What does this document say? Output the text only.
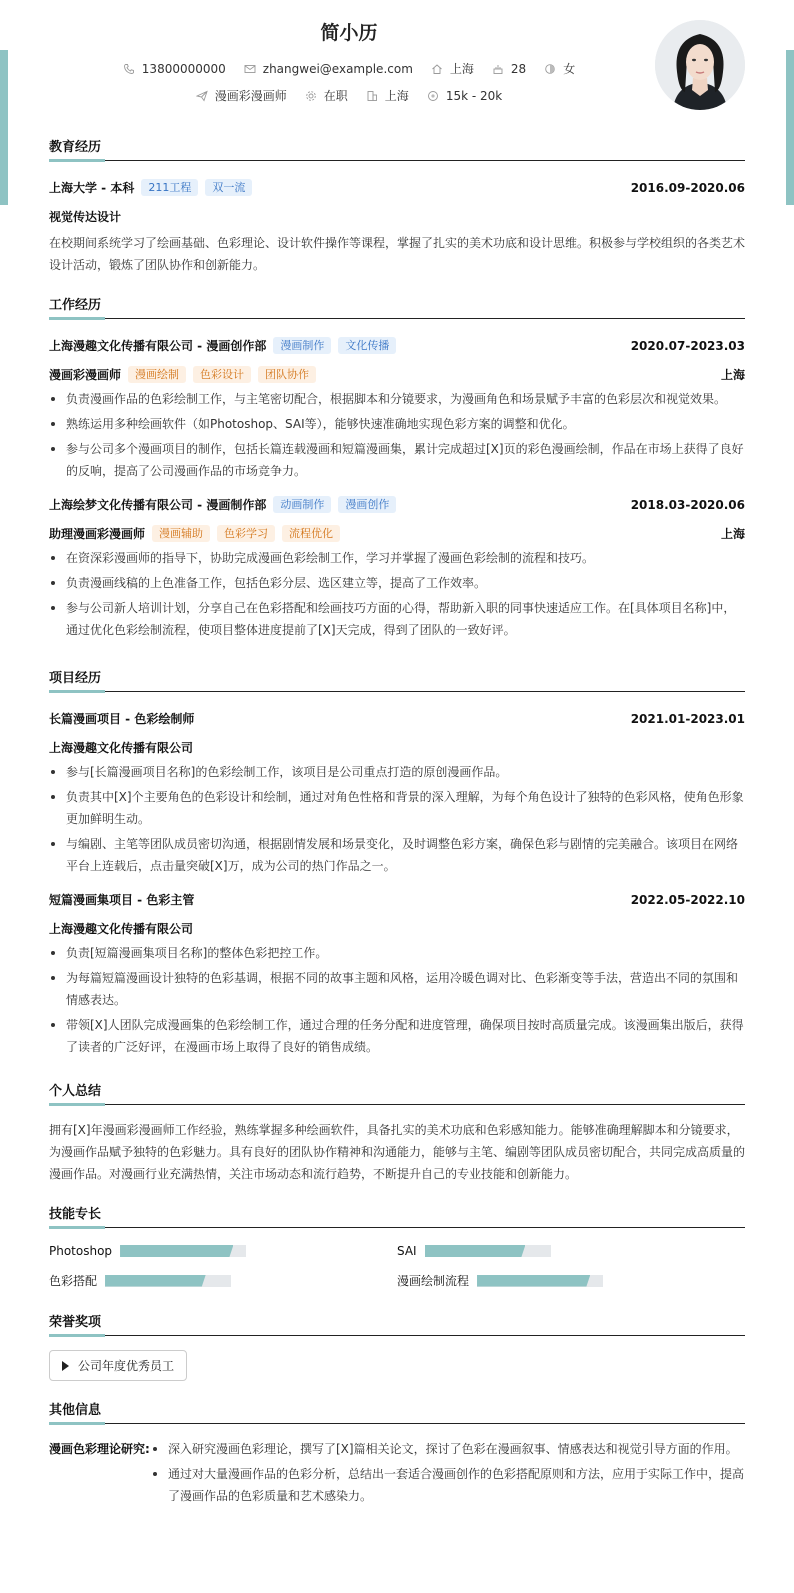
简小历
13800000000	zhangwei@example.com	上海	28	女
漫画彩漫画师	在职	上海	15k - 20k
教育经历
上海大学 - 本科	211工程	双一流	2016.09-2020.06
视觉传达设计
在校期间系统学习了绘画基础、色彩理论、设计软件操作等课程，掌握了扎实的美术功底和设计思维。积极参与学校组织的各类艺术设计活动，锻炼了团队协作和创新能力。
工作经历
上海漫趣文化传播有限公司 - 漫画创作部	漫画制作	文化传播	2020.07-2023.03
漫画彩漫画师	漫画绘制	色彩设计	团队协作	上海
负责漫画作品的色彩绘制工作，与主笔密切配合，根据脚本和分镜要求，为漫画角色和场景赋予丰富的色彩层次和视觉效果。
熟练运用多种绘画软件（如Photoshop、SAI等），能够快速准确地实现色彩方案的调整和优化。
参与公司多个漫画项目的制作，包括长篇连载漫画和短篇漫画集，累计完成超过[X]页的彩色漫画绘制，作品在市场上获得了良好的反响，提高了公司漫画作品的市场竞争力。
上海绘梦文化传播有限公司 - 漫画制作部	动画制作	漫画创作	2018.03-2020.06
助理漫画彩漫画师	漫画辅助	色彩学习	流程优化	上海
在资深彩漫画师的指导下，协助完成漫画色彩绘制工作，学习并掌握了漫画色彩绘制的流程和技巧。
负责漫画线稿的上色准备工作，包括色彩分层、选区建立等，提高了工作效率。
参与公司新人培训计划，分享自己在色彩搭配和绘画技巧方面的心得，帮助新入职的同事快速适应工作。在[具体项目名称]中，通过优化色彩绘制流程，使项目整体进度提前了[X]天完成，得到了团队的一致好评。
项目经历
长篇漫画项目 - 色彩绘制师	2021.01-2023.01
上海漫趣文化传播有限公司
参与[长篇漫画项目名称]的色彩绘制工作，该项目是公司重点打造的原创漫画作品。
负责其中[X]个主要角色的色彩设计和绘制，通过对角色性格和背景的深入理解，为每个角色设计了独特的色彩风格，使角色形象更加鲜明生动。
与编剧、主笔等团队成员密切沟通，根据剧情发展和场景变化，及时调整色彩方案，确保色彩与剧情的完美融合。该项目在网络平台上连载后，点击量突破[X]万，成为公司的热门作品之一。
短篇漫画集项目 - 色彩主管	2022.05-2022.10
上海漫趣文化传播有限公司
负责[短篇漫画集项目名称]的整体色彩把控工作。
为每篇短篇漫画设计独特的色彩基调，根据不同的故事主题和风格，运用冷暖色调对比、色彩渐变等手法，营造出不同的氛围和情感表达。
带领[X]人团队完成漫画集的色彩绘制工作，通过合理的任务分配和进度管理，确保项目按时高质量完成。该漫画集出版后，获得了读者的广泛好评，在漫画市场上取得了良好的销售成绩。
个人总结
拥有[X]年漫画彩漫画师工作经验，熟练掌握多种绘画软件，具备扎实的美术功底和色彩感知能力。能够准确理解脚本和分镜要求，为漫画作品赋予独特的色彩魅力。具有良好的团队协作精神和沟通能力，能够与主笔、编剧等团队成员密切配合，共同完成高质量的漫画作品。对漫画行业充满热情，关注市场动态和流行趋势，不断提升自己的专业技能和创新能力。
技能专长
Photoshop	SAI
色彩搭配	漫画绘制流程
荣誉奖项
公司年度优秀员工
其他信息
漫画色彩理论研究:	深入研究漫画色彩理论，撰写了[X]篇相关论文，探讨了色彩在漫画叙事、情感表达和视觉引导方面的作用。
通过对大量漫画作品的色彩分析，总结出一套适合漫画创作的色彩搭配原则和方法，应用于实际工作中，提高了漫画作品的色彩质量和艺术感染力。
